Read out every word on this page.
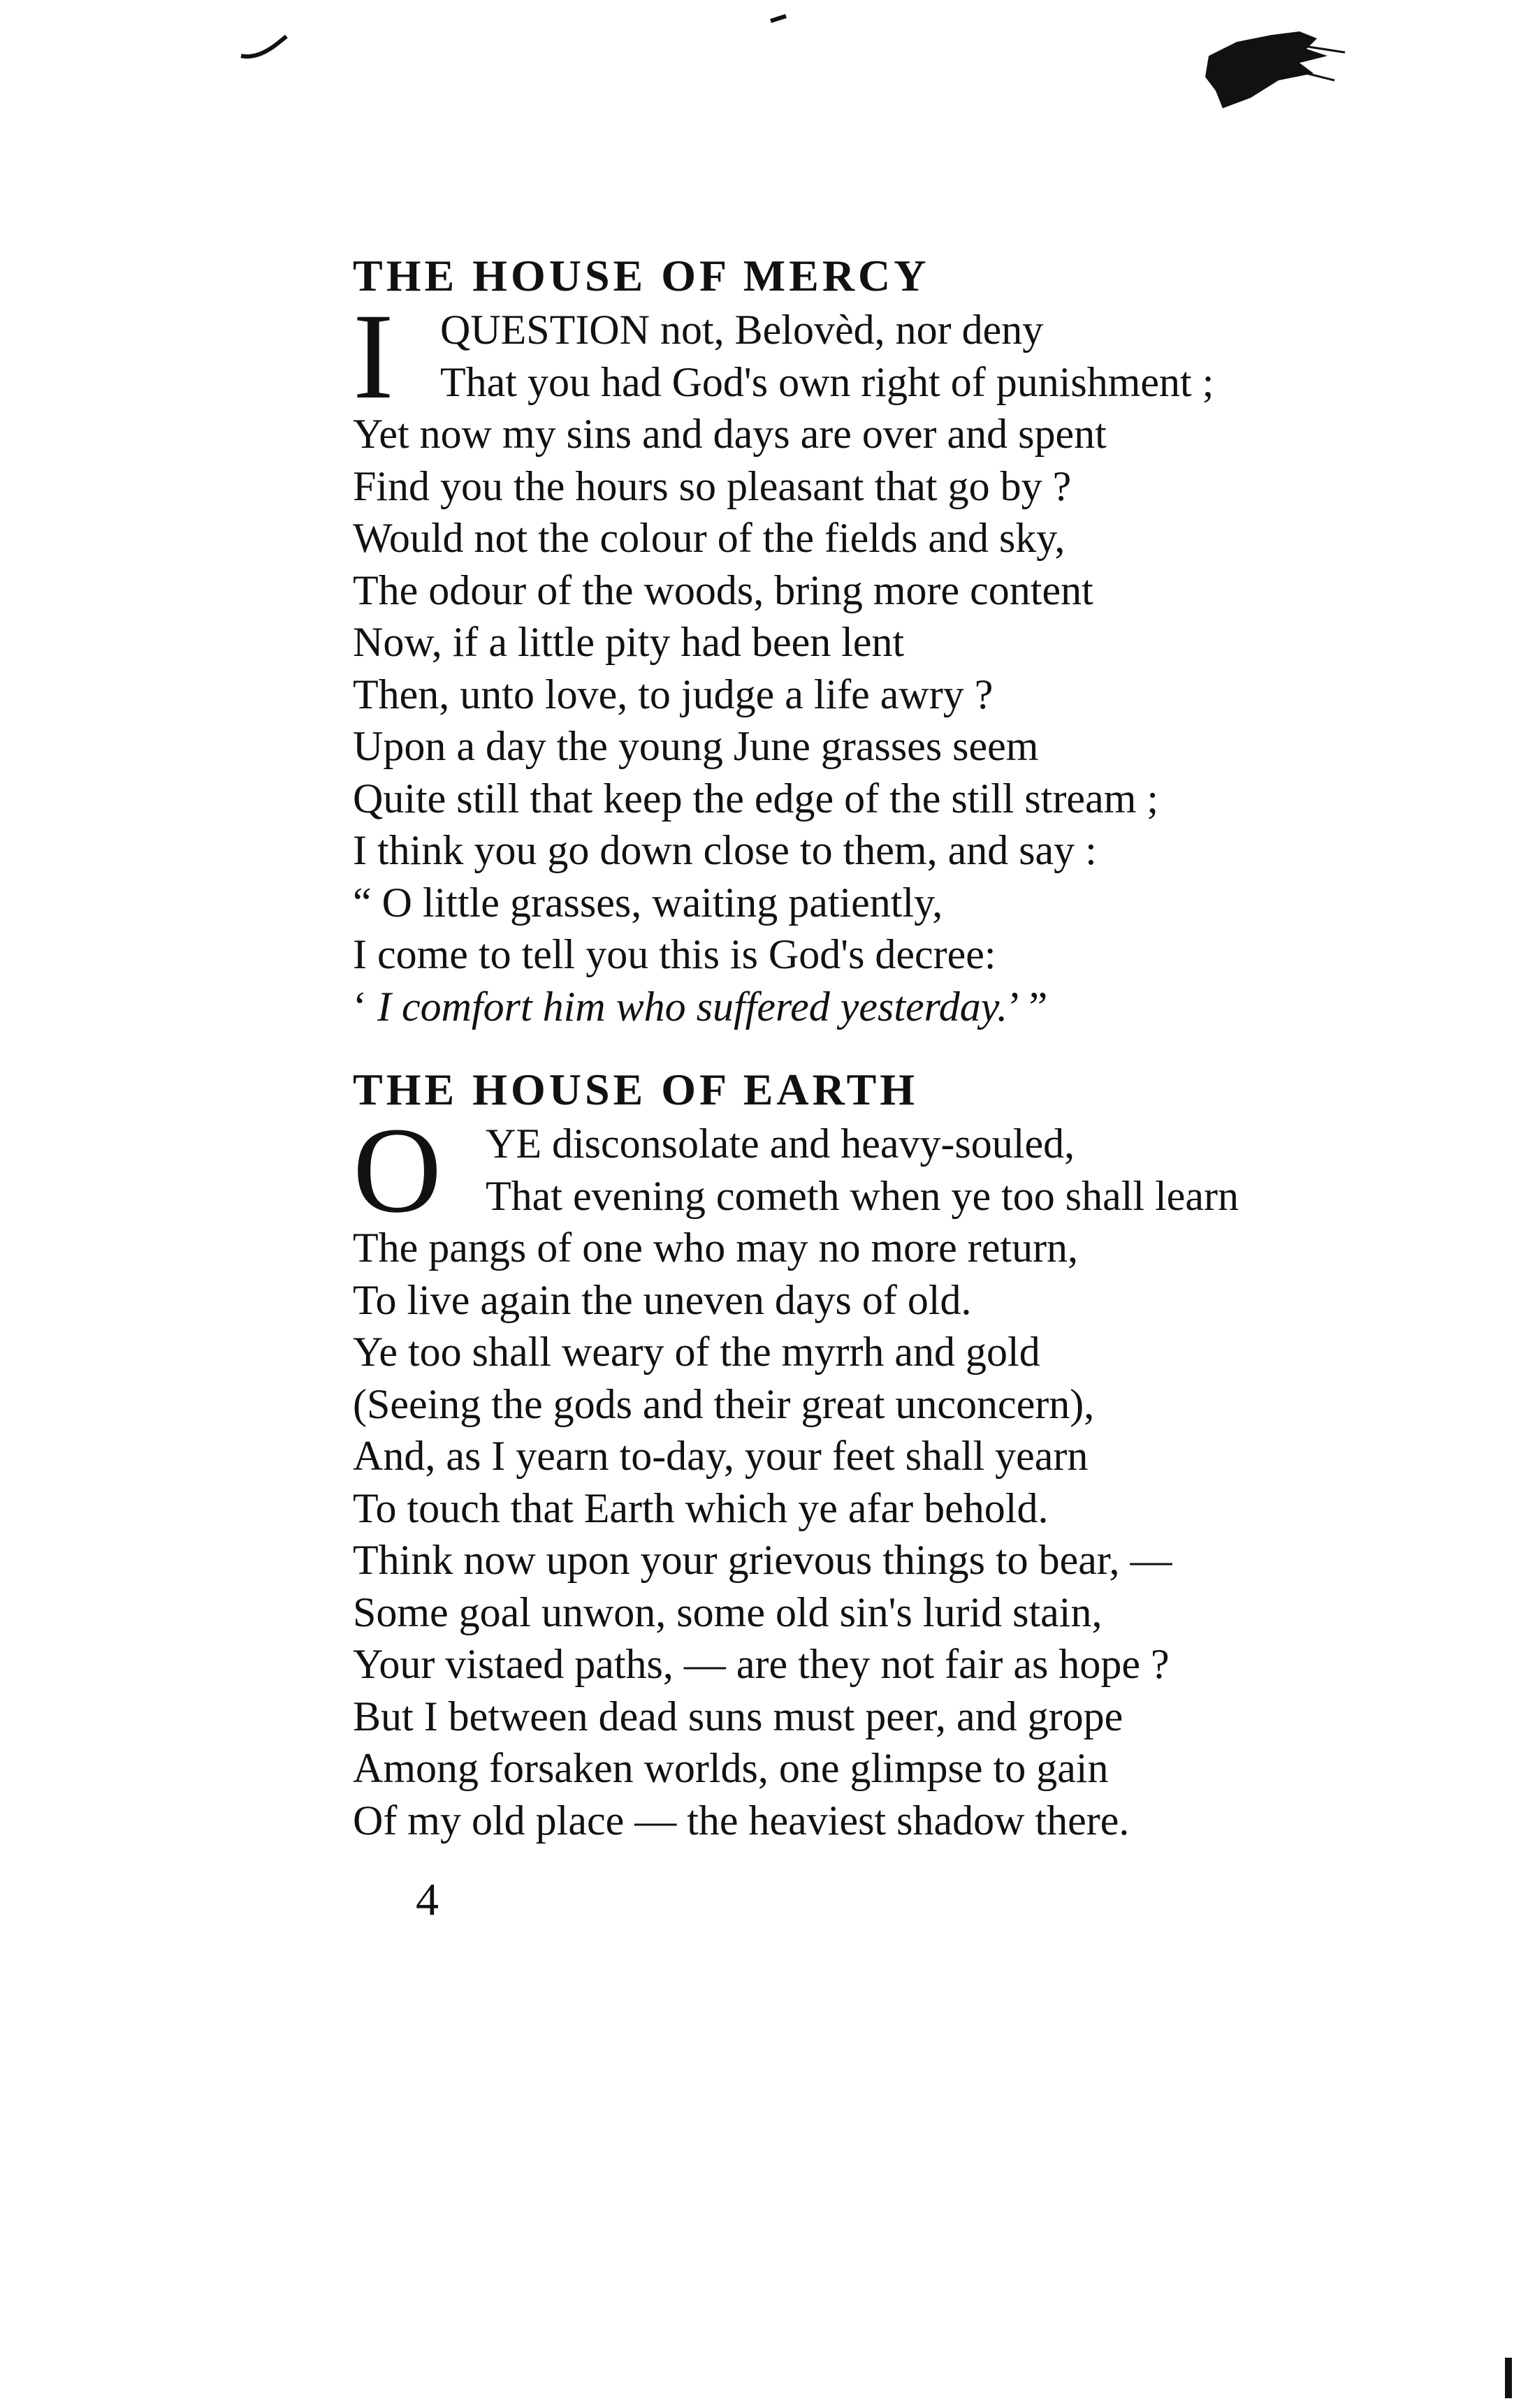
THE HOUSE OF MERCY
I QUESTION not, Belovèd, nor deny
That you had God's own right of punishment ;
Yet now my sins and days are over and spent
Find you the hours so pleasant that go by ?
Would not the colour of the fields and sky,
The odour of the woods, bring more content
Now, if a little pity had been lent
Then, unto love, to judge a life awry ?
Upon a day the young June grasses seem
Quite still that keep the edge of the still stream ;
I think you go down close to them, and say :
“ O little grasses, waiting patiently,
I come to tell you this is God's decree:
‘ I comfort him who suffered yesterday.’ ”
THE HOUSE OF EARTH
O YE disconsolate and heavy-souled,
That evening cometh when ye too shall learn
The pangs of one who may no more return,
To live again the uneven days of old.
Ye too shall weary of the myrrh and gold
(Seeing the gods and their great unconcern),
And, as I yearn to-day, your feet shall yearn
To touch that Earth which ye afar behold.
Think now upon your grievous things to bear, —
Some goal unwon, some old sin's lurid stain,
Your vistaed paths, — are they not fair as hope ?
But I between dead suns must peer, and grope
Among forsaken worlds, one glimpse to gain
Of my old place — the heaviest shadow there.
4
